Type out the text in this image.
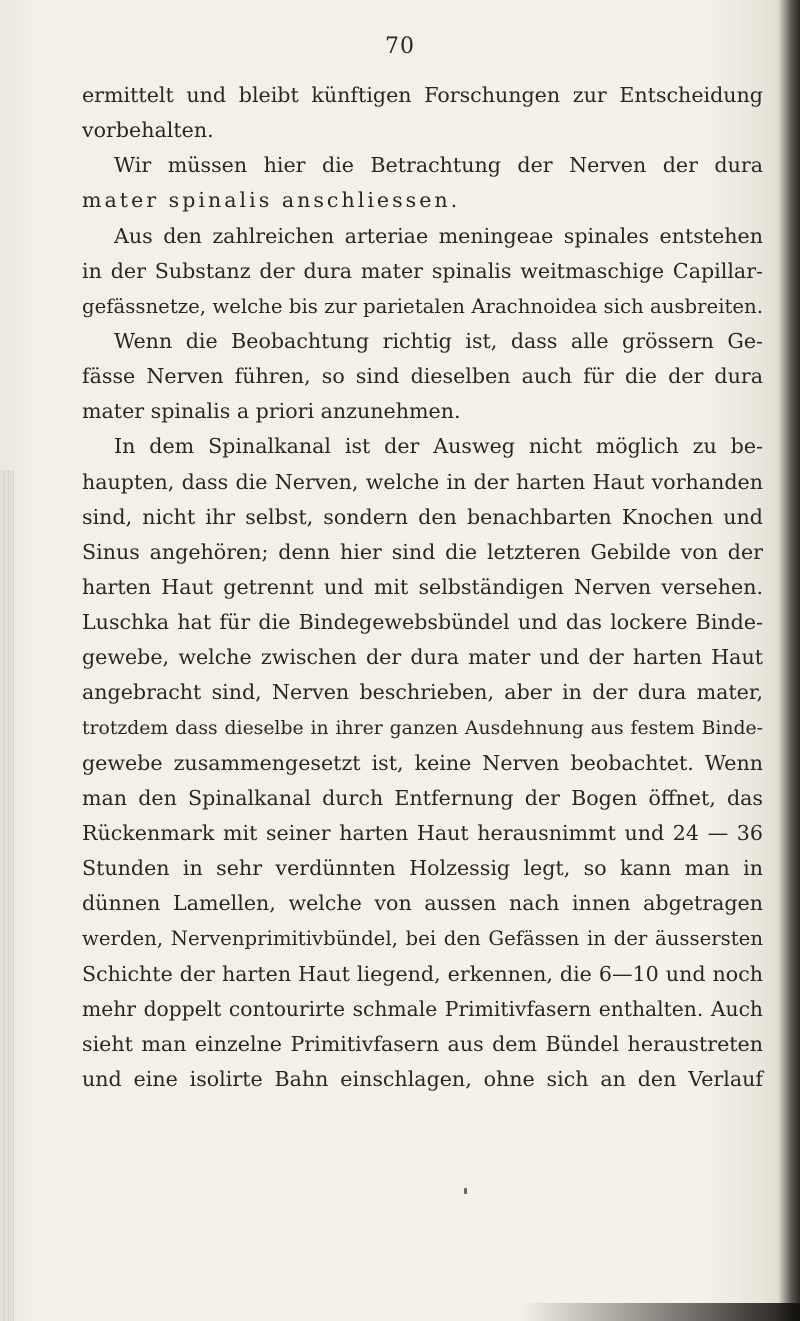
70
ermittelt und bleibt künftigen Forschungen zur Entscheidung
vorbehalten.
Wir müssen hier die Betrachtung der Nerven der dura
mater spinalis anschliessen.
Aus den zahlreichen arteriae meningeae spinales entstehen
in der Substanz der dura mater spinalis weitmaschige Capillar-
gefässnetze, welche bis zur parietalen Arachnoidea sich ausbreiten.
Wenn die Beobachtung richtig ist, dass alle grössern Ge-
fässe Nerven führen, so sind dieselben auch für die der dura
mater spinalis a priori anzunehmen.
In dem Spinalkanal ist der Ausweg nicht möglich zu be-
haupten, dass die Nerven, welche in der harten Haut vorhanden
sind, nicht ihr selbst, sondern den benachbarten Knochen und
Sinus angehören; denn hier sind die letzteren Gebilde von der
harten Haut getrennt und mit selbständigen Nerven versehen.
Luschka hat für die Bindegewebsbündel und das lockere Binde-
gewebe, welche zwischen der dura mater und der harten Haut
angebracht sind, Nerven beschrieben, aber in der dura mater,
trotzdem dass dieselbe in ihrer ganzen Ausdehnung aus festem Binde-
gewebe zusammengesetzt ist, keine Nerven beobachtet. Wenn
man den Spinalkanal durch Entfernung der Bogen öffnet, das
Rückenmark mit seiner harten Haut herausnimmt und 24 — 36
Stunden in sehr verdünnten Holzessig legt, so kann man in
dünnen Lamellen, welche von aussen nach innen abgetragen
werden, Nervenprimitivbündel, bei den Gefässen in der äussersten
Schichte der harten Haut liegend, erkennen, die 6—10 und noch
mehr doppelt contourirte schmale Primitivfasern enthalten. Auch
sieht man einzelne Primitivfasern aus dem Bündel heraustreten
und eine isolirte Bahn einschlagen, ohne sich an den Verlauf
